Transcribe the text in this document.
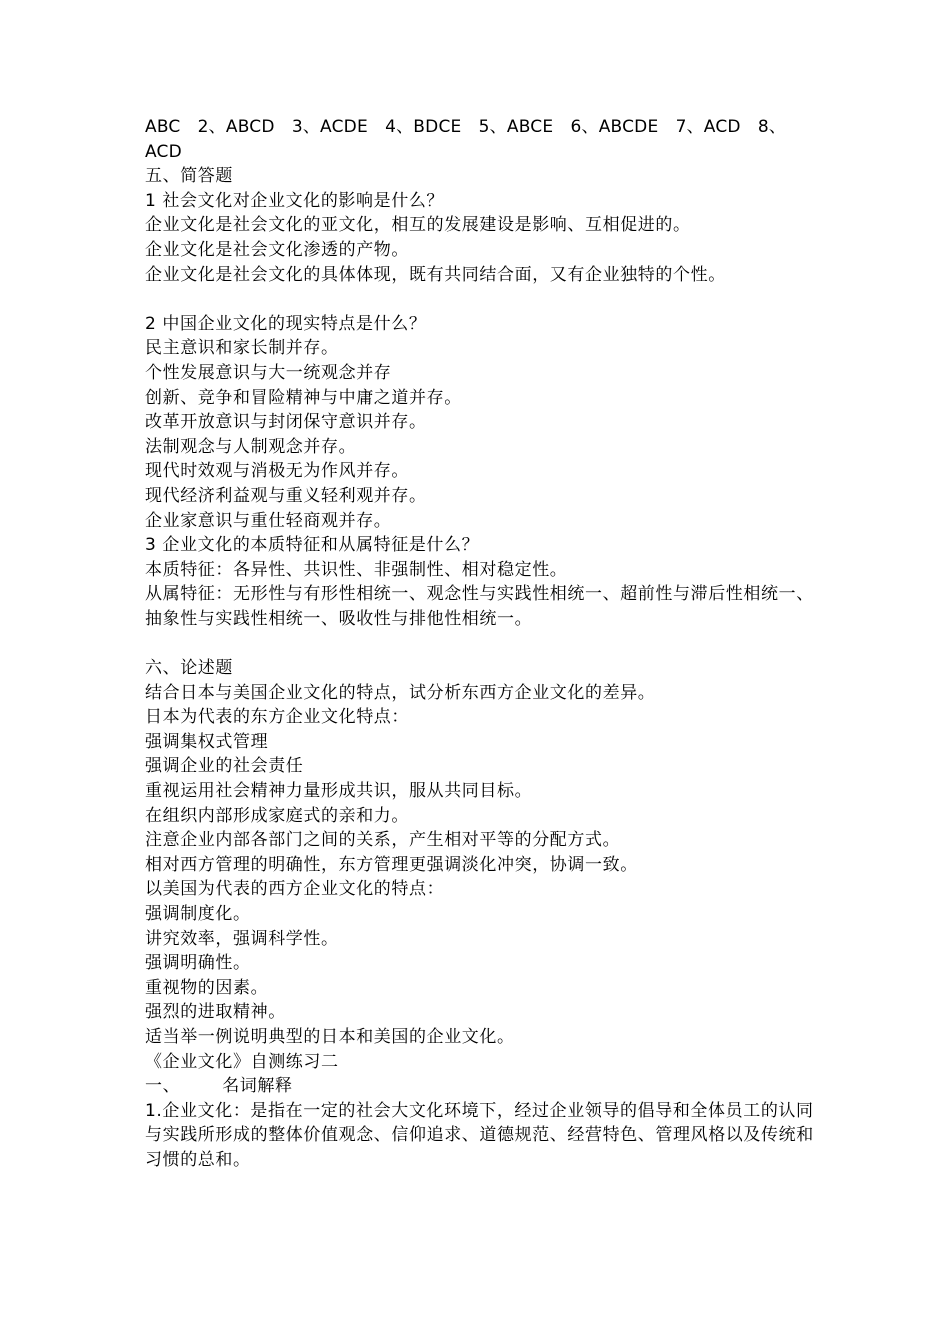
ABC　2、ABCD　3、ACDE　4、BDCE　5、ABCE　6、ABCDE　7、ACD　8、ACD
五、简答题
1 社会文化对企业文化的影响是什么？
企业文化是社会文化的亚文化，相互的发展建设是影响、互相促进的。
企业文化是社会文化渗透的产物。
企业文化是社会文化的具体体现，既有共同结合面，又有企业独特的个性。
2 中国企业文化的现实特点是什么？
民主意识和家长制并存。
个性发展意识与大一统观念并存
创新、竞争和冒险精神与中庸之道并存。
改革开放意识与封闭保守意识并存。
法制观念与人制观念并存。
现代时效观与消极无为作风并存。
现代经济利益观与重义轻利观并存。
企业家意识与重仕轻商观并存。
3 企业文化的本质特征和从属特征是什么？
本质特征：各异性、共识性、非强制性、相对稳定性。
从属特征：无形性与有形性相统一、观念性与实践性相统一、超前性与滞后性相统一、抽象性与实践性相统一、吸收性与排他性相统一。
六、论述题
结合日本与美国企业文化的特点，试分析东西方企业文化的差异。
日本为代表的东方企业文化特点：
强调集权式管理
强调企业的社会责任
重视运用社会精神力量形成共识，服从共同目标。
在组织内部形成家庭式的亲和力。
注意企业内部各部门之间的关系，产生相对平等的分配方式。
相对西方管理的明确性，东方管理更强调淡化冲突，协调一致。
以美国为代表的西方企业文化的特点：
强调制度化。
讲究效率，强调科学性。
强调明确性。
重视物的因素。
强烈的进取精神。
适当举一例说明典型的日本和美国的企业文化。
《企业文化》自测练习二
一、 名词解释
1.企业文化：是指在一定的社会大文化环境下，经过企业领导的倡导和全体员工的认同与实践所形成的整体价值观念、信仰追求、道德规范、经营特色、管理风格以及传统和习惯的总和。
